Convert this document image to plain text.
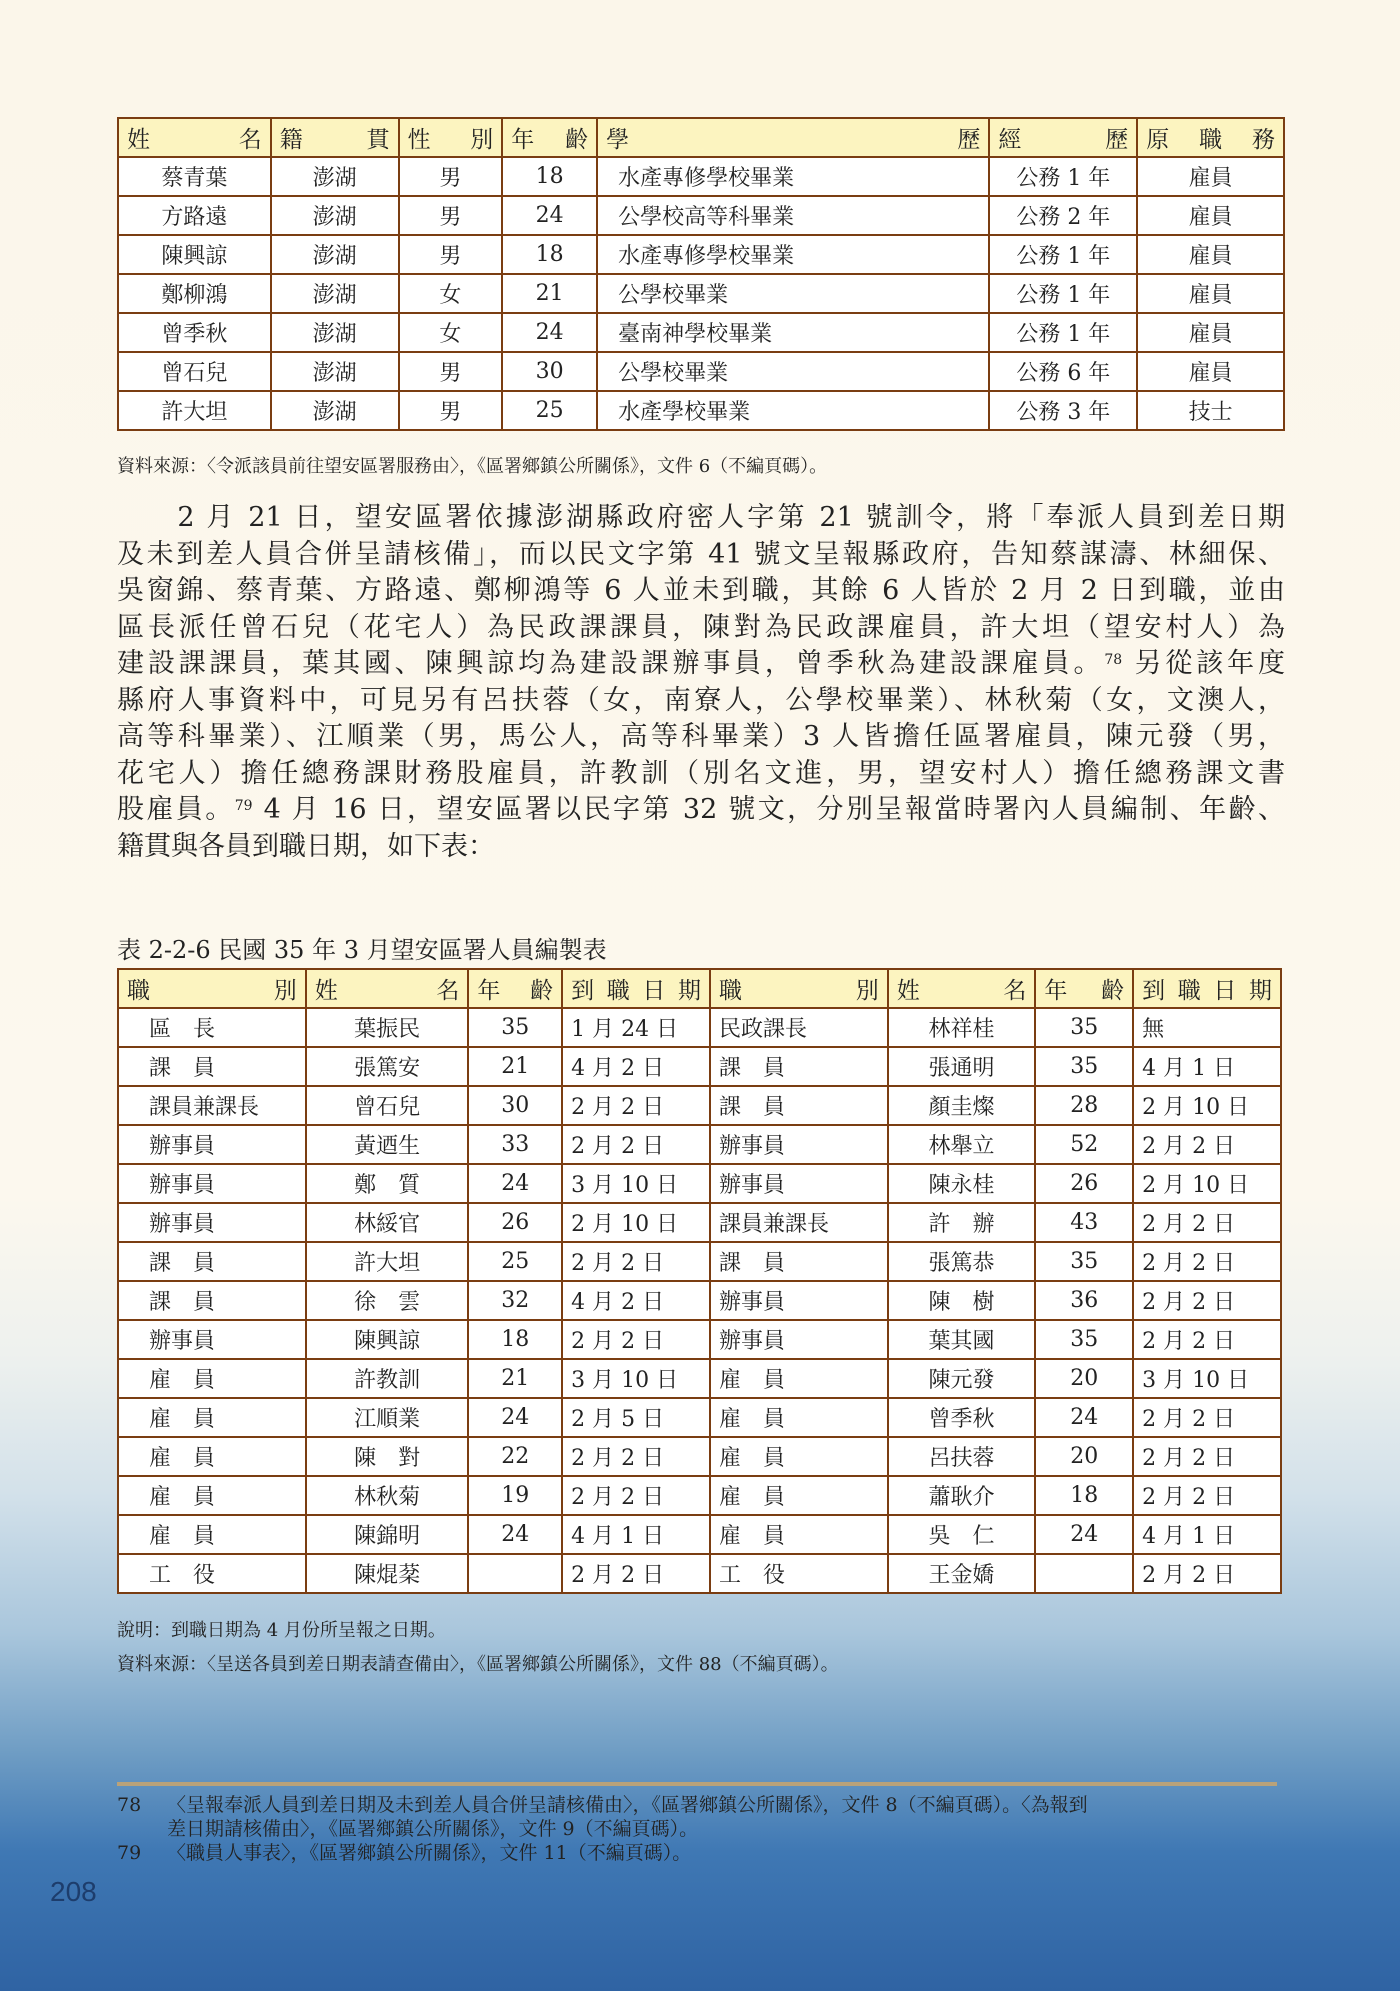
姓名	籍貫	性別	年齡	學歷	經歷	原職務

蔡青葉	澎湖	男	18	水產專修學校畢業	公務 1 年	雇員
方路遠	澎湖	男	24	公學校高等科畢業	公務 2 年	雇員
陳興諒	澎湖	男	18	水產專修學校畢業	公務 1 年	雇員
鄭柳鴻	澎湖	女	21	公學校畢業	公務 1 年	雇員
曾季秋	澎湖	女	24	臺南神學校畢業	公務 1 年	雇員
曾石兒	澎湖	男	30	公學校畢業	公務 6 年	雇員
許大坦	澎湖	男	25	水產學校畢業	公務 3 年	技士
資料來源：〈令派該員前往望安區署服務由〉，《區署鄉鎮公所關係》，文件 6（不編頁碼）。
　　2 月 21 日，望安區署依據澎湖縣政府密人字第 21 號訓令，將「奉派人員到差日期
及未到差人員合併呈請核備」，而以民文字第 41 號文呈報縣政府，告知蔡謀濤、林細保、
吳窗錦、蔡青葉、方路遠、鄭柳鴻等 6 人並未到職，其餘 6 人皆於 2 月 2 日到職，並由
區長派任曾石兒（花宅人）為民政課課員，陳對為民政課雇員，許大坦（望安村人）為
建設課課員，葉其國、陳興諒均為建設課辦事員，曾季秋為建設課雇員。$^{78}$ 另從該年度
縣府人事資料中，可見另有呂扶蓉（女，南寮人，公學校畢業）、林秋菊（女，文澳人，
高等科畢業）、江順業（男，馬公人，高等科畢業）3 人皆擔任區署雇員，陳元發（男，
花宅人）擔任總務課財務股雇員，許教訓（別名文進，男，望安村人）擔任總務課文書
股雇員。$^{79}$ 4 月 16 日，望安區署以民字第 32 號文，分別呈報當時署內人員編制、年齡、
籍貫與各員到職日期，如下表：
表 2-2-6 民國 35 年 3 月望安區署人員編製表
職別	姓名	年齡	到職日期	職別	姓名	年齡	到職日期

區　長	葉振民	35	1 月 24 日	民政課長	林祥桂	35	無
課　員	張篤安	21	4 月 2 日	課　員	張通明	35	4 月 1 日
課員兼課長	曾石兒	30	2 月 2 日	課　員	顏圭燦	28	2 月 10 日
辦事員	黃迺生	33	2 月 2 日	辦事員	林舉立	52	2 月 2 日
辦事員	鄭　質	24	3 月 10 日	辦事員	陳永桂	26	2 月 10 日
辦事員	林綏官	26	2 月 10 日	課員兼課長	許　辦	43	2 月 2 日
課　員	許大坦	25	2 月 2 日	課　員	張篤恭	35	2 月 2 日
課　員	徐　雲	32	4 月 2 日	辦事員	陳　樹	36	2 月 2 日
辦事員	陳興諒	18	2 月 2 日	辦事員	葉其國	35	2 月 2 日
雇　員	許教訓	21	3 月 10 日	雇　員	陳元發	20	3 月 10 日
雇　員	江順業	24	2 月 5 日	雇　員	曾季秋	24	2 月 2 日
雇　員	陳　對	22	2 月 2 日	雇　員	呂扶蓉	20	2 月 2 日
雇　員	林秋菊	19	2 月 2 日	雇　員	蕭耿介	18	2 月 2 日
雇　員	陳錦明	24	4 月 1 日	雇　員	吳　仁	24	4 月 1 日
工　役	陳焜棻		2 月 2 日	工　役	王金嬌		2 月 2 日
說明：到職日期為 4 月份所呈報之日期。
資料來源：〈呈送各員到差日期表請查備由〉，《區署鄉鎮公所關係》，文件 88（不編頁碼）。
78 〈呈報奉派人員到差日期及未到差人員合併呈請核備由〉，《區署鄉鎮公所關係》，文件 8（不編頁碼）。〈為報到
差日期請核備由〉，《區署鄉鎮公所關係》，文件 9（不編頁碼）。
79 〈職員人事表〉，《區署鄉鎮公所關係》，文件 11（不編頁碼）。
208
